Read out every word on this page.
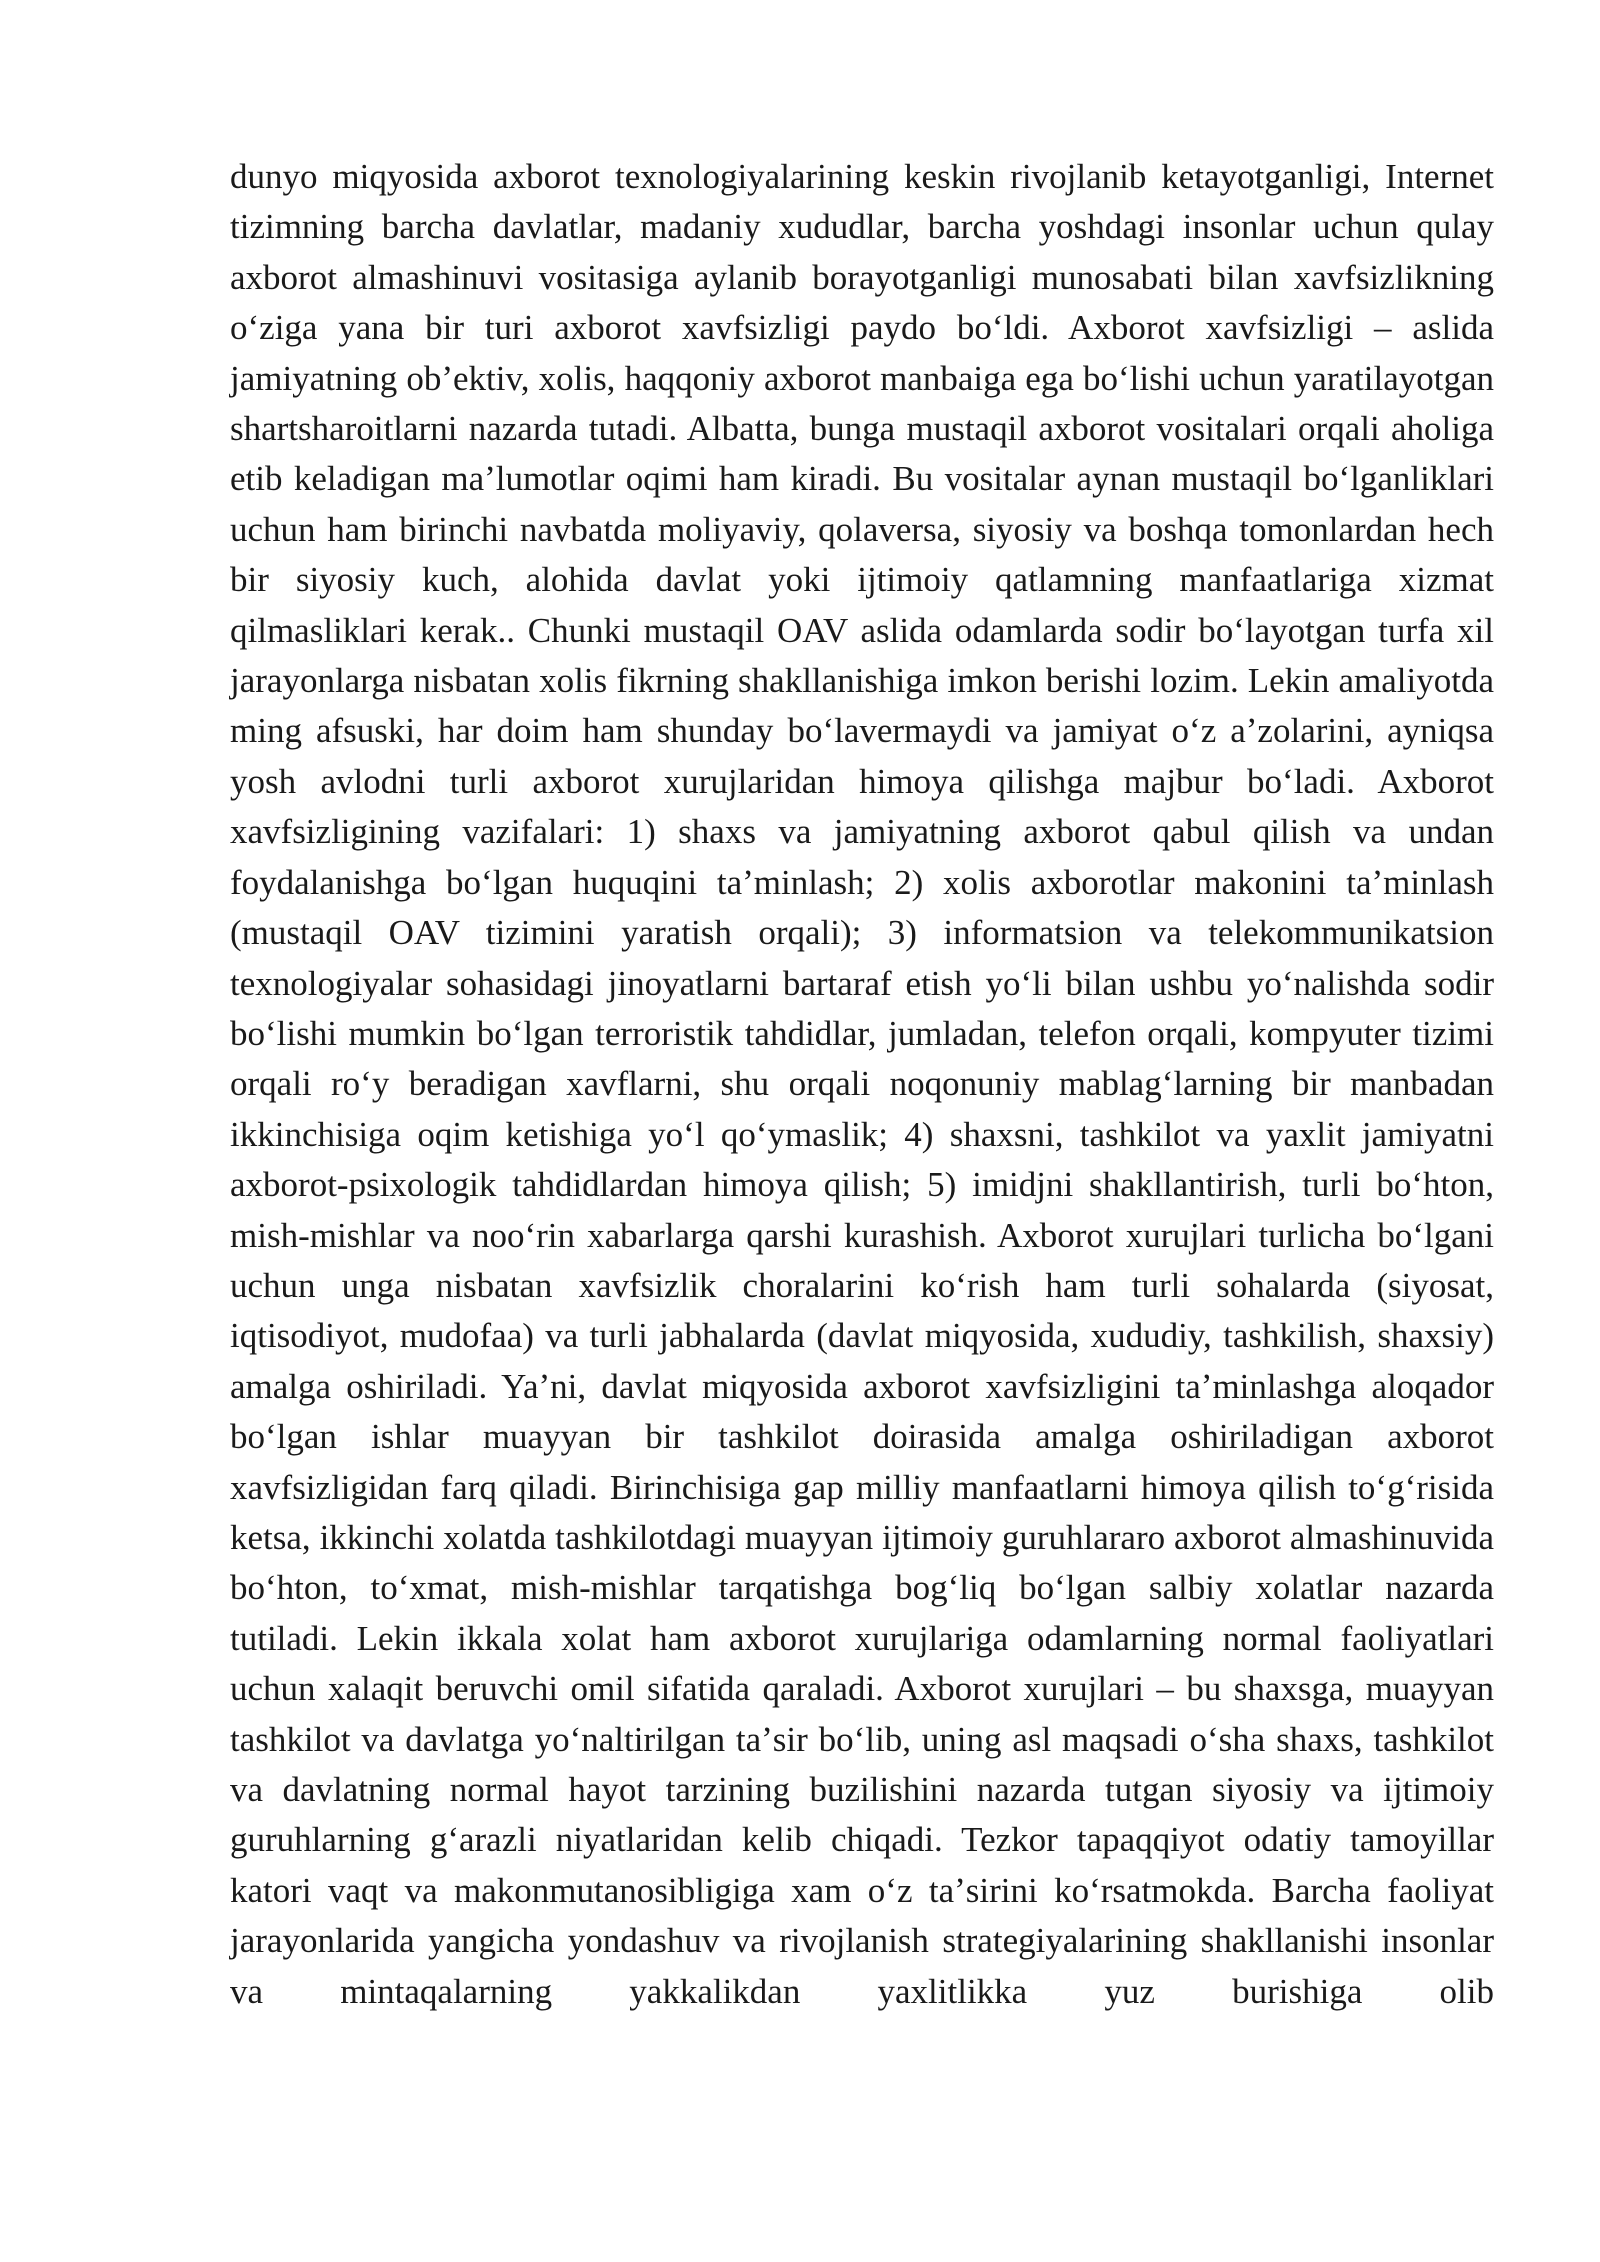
dunyo miqyosida axborot texnologiyalarining keskin rivojlanib ketayotganligi, Internet tizimning barcha davlatlar, madaniy xududlar, barcha yoshdagi insonlar uchun qulay axborot almashinuvi vositasiga aylanib borayotganligi munosabati bilan xavfsizlikning oʻziga yana bir turi axborot xavfsizligi paydo boʻldi. Axborot xavfsizligi – aslida jamiyatning obʼektiv, xolis, haqqoniy axborot manbaiga ega boʻlishi uchun yaratilayotgan shartsharoitlarni nazarda tutadi. Albatta, bunga mustaqil axborot vositalari orqali aholiga etib keladigan maʼlumotlar oqimi ham kiradi. Bu vositalar aynan mustaqil boʻlganliklari uchun ham birinchi navbatda moliyaviy, qolaversa, siyosiy va boshqa tomonlardan hech bir siyosiy kuch, alohida davlat yoki ijtimoiy qatlamning manfaatlariga xizmat qilmasliklari kerak.. Chunki mustaqil OAV aslida odamlarda sodir boʻlayotgan turfa xil jarayonlarga nisbatan xolis fikrning shakllanishiga imkon berishi lozim. Lekin amaliyotda ming afsuski, har doim ham shunday boʻlavermaydi va jamiyat oʻz aʼzolarini, ayniqsa yosh avlodni turli axborot xurujlaridan himoya qilishga majbur boʻladi. Axborot xavfsizligining vazifalari: 1) shaxs va jamiyatning axborot qabul qilish va undan foydalanishga boʻlgan huquqini taʼminlash; 2) xolis axborotlar makonini taʼminlash (mustaqil OAV tizimini yaratish orqali); 3) informatsion va telekommunikatsion texnologiyalar sohasidagi jinoyatlarni bartaraf etish yoʻli bilan ushbu yoʻnalishda sodir boʻlishi mumkin boʻlgan terroristik tahdidlar, jumladan, telefon orqali, kompyuter tizimi orqali roʻy beradigan xavflarni, shu orqali noqonuniy mablagʻlarning bir manbadan ikkinchisiga oqim ketishiga yoʻl qoʻymaslik; 4) shaxsni, tashkilot va yaxlit jamiyatni axborot-psixologik tahdidlardan himoya qilish; 5) imidjni shakllantirish, turli boʻhton, mish-mishlar va nooʻrin xabarlarga qarshi kurashish. Axborot xurujlari turlicha boʻlgani uchun unga nisbatan xavfsizlik choralarini koʻrish ham turli sohalarda (siyosat, iqtisodiyot, mudofaa) va turli jabhalarda (davlat miqyosida, xududiy, tashkilish, shaxsiy) amalga oshiriladi. Yaʼni, davlat miqyosida axborot xavfsizligini taʼminlashga aloqador boʻlgan ishlar muayyan bir tashkilot doirasida amalga oshiriladigan axborot xavfsizligidan farq qiladi. Birinchisiga gap milliy manfaatlarni himoya qilish toʻgʻrisida ketsa, ikkinchi xolatda tashkilotdagi muayyan ijtimoiy guruhlararo axborot almashinuvida boʻhton, toʻxmat, mish-mishlar tarqatishga bogʻliq boʻlgan salbiy xolatlar nazarda tutiladi. Lekin ikkala xolat ham axborot xurujlariga odamlarning normal faoliyatlari uchun xalaqit beruvchi omil sifatida qaraladi. Axborot xurujlari – bu shaxsga, muayyan tashkilot va davlatga yoʻnaltirilgan taʼsir boʻlib, uning asl maqsadi oʻsha shaxs, tashkilot va davlatning normal hayot tarzining buzilishini nazarda tutgan siyosiy va ijtimoiy guruhlarning gʻarazli niyatlaridan kelib chiqadi. Tezkor tapaqqiyot odatiy tamoyillar katori vaqt va makonmutanosibligiga xam oʻz taʼsirini koʻrsatmokda. Barcha faoliyat jarayonlarida yangicha yondashuv va rivojlanish strategiyalarining shakllanishi insonlar va mintaqalarning yakkalikdan yaxlitlikka yuz burishiga olib
